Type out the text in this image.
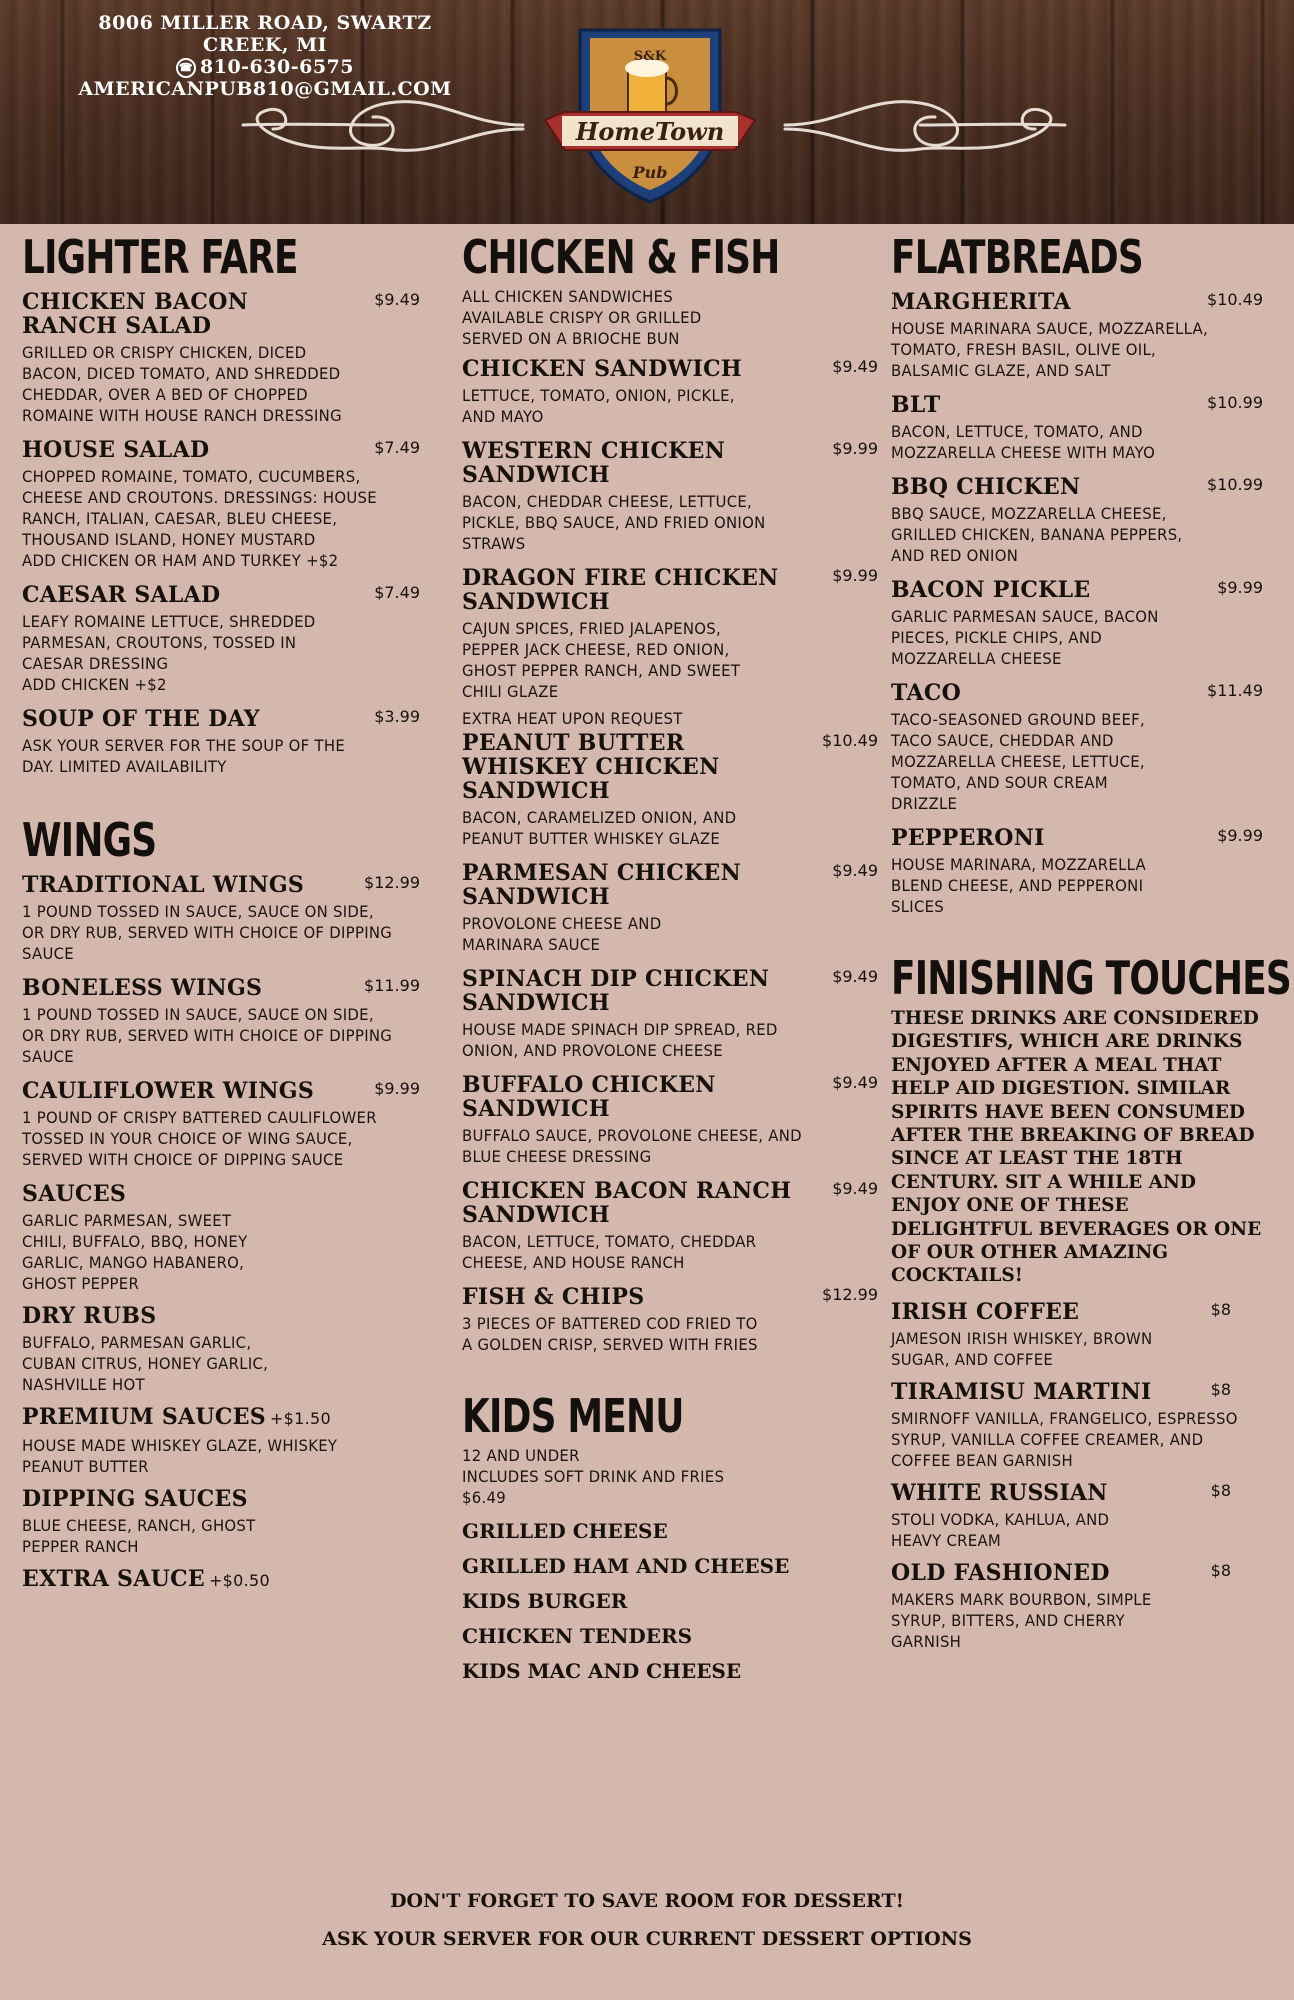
8006 MILLER ROAD, SWARTZ CREEK, MI
☎ 810-630-6575
AMERICANPUB810@GMAIL.COM
S&K
HomeTown
Pub
LIGHTER FARE
CHICKEN BACON RANCH SALAD
$9.49
GRILLED OR CRISPY CHICKEN, DICED BACON, DICED TOMATO, AND SHREDDED CHEDDAR, OVER A BED OF CHOPPED ROMAINE WITH HOUSE RANCH DRESSING
HOUSE SALAD	$7.49
CHOPPED ROMAINE, TOMATO, CUCUMBERS, CHEESE AND CROUTONS. DRESSINGS: HOUSE RANCH, ITALIAN, CAESAR, BLEU CHEESE, THOUSAND ISLAND, HONEY MUSTARD
ADD CHICKEN OR HAM AND TURKEY +$2
CAESAR SALAD	$7.49
LEAFY ROMAINE LETTUCE, SHREDDED PARMESAN, CROUTONS, TOSSED IN CAESAR DRESSING
ADD CHICKEN +$2
SOUP OF THE DAY	$3.99
ASK YOUR SERVER FOR THE SOUP OF THE DAY. LIMITED AVAILABILITY
WINGS
TRADITIONAL WINGS	$12.99
1 POUND TOSSED IN SAUCE, SAUCE ON SIDE, OR DRY RUB, SERVED WITH CHOICE OF DIPPING SAUCE
BONELESS WINGS	$11.99
1 POUND TOSSED IN SAUCE, SAUCE ON SIDE, OR DRY RUB, SERVED WITH CHOICE OF DIPPING SAUCE
CAULIFLOWER WINGS	$9.99
1 POUND OF CRISPY BATTERED CAULIFLOWER TOSSED IN YOUR CHOICE OF WING SAUCE, SERVED WITH CHOICE OF DIPPING SAUCE
SAUCES
GARLIC PARMESAN, SWEET CHILI, BUFFALO, BBQ, HONEY GARLIC, MANGO HABANERO, GHOST PEPPER
DRY RUBS
BUFFALO, PARMESAN GARLIC, CUBAN CITRUS, HONEY GARLIC, NASHVILLE HOT
PREMIUM SAUCES +$1.50
HOUSE MADE WHISKEY GLAZE, WHISKEY PEANUT BUTTER
DIPPING SAUCES
BLUE CHEESE, RANCH, GHOST PEPPER RANCH
EXTRA SAUCE +$0.50
CHICKEN & FISH
ALL CHICKEN SANDWICHES AVAILABLE CRISPY OR GRILLED SERVED ON A BRIOCHE BUN
CHICKEN SANDWICH	$9.49
LETTUCE, TOMATO, ONION, PICKLE, AND MAYO
WESTERN CHICKEN SANDWICH
$9.99
BACON, CHEDDAR CHEESE, LETTUCE, PICKLE, BBQ SAUCE, AND FRIED ONION STRAWS
DRAGON FIRE CHICKEN SANDWICH
$9.99
CAJUN SPICES, FRIED JALAPENOS, PEPPER JACK CHEESE, RED ONION, GHOST PEPPER RANCH, AND SWEET CHILI GLAZE
EXTRA HEAT UPON REQUEST
PEANUT BUTTER WHISKEY CHICKEN SANDWICH
$10.49
BACON, CARAMELIZED ONION, AND PEANUT BUTTER WHISKEY GLAZE
PARMESAN CHICKEN SANDWICH
$9.49
PROVOLONE CHEESE AND MARINARA SAUCE
SPINACH DIP CHICKEN SANDWICH
$9.49
HOUSE MADE SPINACH DIP SPREAD, RED ONION, AND PROVOLONE CHEESE
BUFFALO CHICKEN SANDWICH
$9.49
BUFFALO SAUCE, PROVOLONE CHEESE, AND BLUE CHEESE DRESSING
CHICKEN BACON RANCH SANDWICH
$9.49
BACON, LETTUCE, TOMATO, CHEDDAR CHEESE, AND HOUSE RANCH
FISH & CHIPS	$12.99
3 PIECES OF BATTERED COD FRIED TO A GOLDEN CRISP, SERVED WITH FRIES
KIDS MENU
12 AND UNDER
INCLUDES SOFT DRINK AND FRIES
$6.49
GRILLED CHEESE
GRILLED HAM AND CHEESE
KIDS BURGER
CHICKEN TENDERS
KIDS MAC AND CHEESE
FLATBREADS
MARGHERITA	$10.49
HOUSE MARINARA SAUCE, MOZZARELLA, TOMATO, FRESH BASIL, OLIVE OIL, BALSAMIC GLAZE, AND SALT
BLT	$10.99
BACON, LETTUCE, TOMATO, AND MOZZARELLA CHEESE WITH MAYO
BBQ CHICKEN	$10.99
BBQ SAUCE, MOZZARELLA CHEESE, GRILLED CHICKEN, BANANA PEPPERS, AND RED ONION
BACON PICKLE	$9.99
GARLIC PARMESAN SAUCE, BACON PIECES, PICKLE CHIPS, AND MOZZARELLA CHEESE
TACO	$11.49
TACO-SEASONED GROUND BEEF, TACO SAUCE, CHEDDAR AND MOZZARELLA CHEESE, LETTUCE, TOMATO, AND SOUR CREAM DRIZZLE
PEPPERONI	$9.99
HOUSE MARINARA, MOZZARELLA BLEND CHEESE, AND PEPPERONI SLICES
FINISHING TOUCHES
THESE DRINKS ARE CONSIDERED DIGESTIFS, WHICH ARE DRINKS ENJOYED AFTER A MEAL THAT HELP AID DIGESTION. SIMILAR SPIRITS HAVE BEEN CONSUMED AFTER THE BREAKING OF BREAD SINCE AT LEAST THE 18TH CENTURY. SIT A WHILE AND ENJOY ONE OF THESE DELIGHTFUL BEVERAGES OR ONE OF OUR OTHER AMAZING COCKTAILS!
IRISH COFFEE	$8
JAMESON IRISH WHISKEY, BROWN SUGAR, AND COFFEE
TIRAMISU MARTINI	$8
SMIRNOFF VANILLA, FRANGELICO, ESPRESSO SYRUP, VANILLA COFFEE CREAMER, AND COFFEE BEAN GARNISH
WHITE RUSSIAN	$8
STOLI VODKA, KAHLUA, AND HEAVY CREAM
OLD FASHIONED	$8
MAKERS MARK BOURBON, SIMPLE SYRUP, BITTERS, AND CHERRY GARNISH
DON'T FORGET TO SAVE ROOM FOR DESSERT!
ASK YOUR SERVER FOR OUR CURRENT DESSERT OPTIONS
